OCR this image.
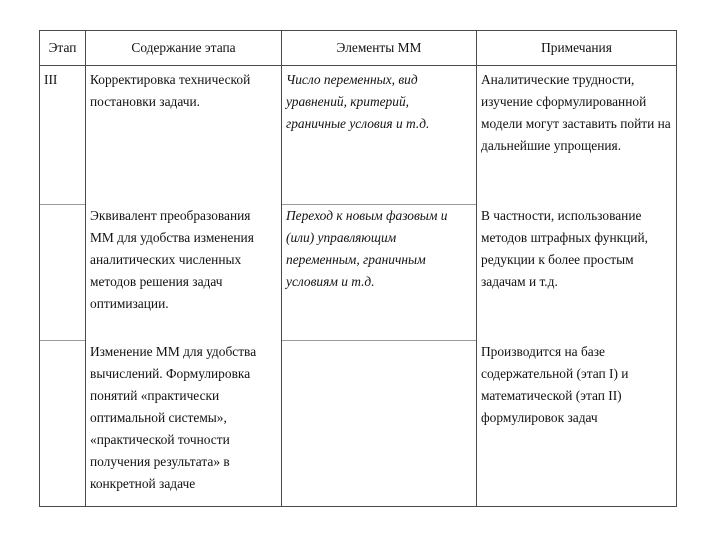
Этап	Содержание этапа	Элементы ММ	Примечания

III	Корректировка технической постановки задачи.	Число переменных, вид уравнений, критерий, граничные условия и т.д.	Аналитические трудности, изучение сформулированной модели могут заставить пойти на дальнейшие упрощения.

	Эквивалент преобразования ММ для удобства изменения аналитических численных методов решения задач оптимизации.	Переход к новым фазовым и (или) управляющим переменным, граничным условиям и т.д.	В частности, использование методов штрафных функций, редукции к более простым задачам и т.д.

	Изменение ММ для удобства вычислений. Формулировка понятий «практически оптимальной системы», «практической точности получения результата» в конкретной задаче		Производится на базе содержательной (этап I) и математической (этап II) формулировок задач
